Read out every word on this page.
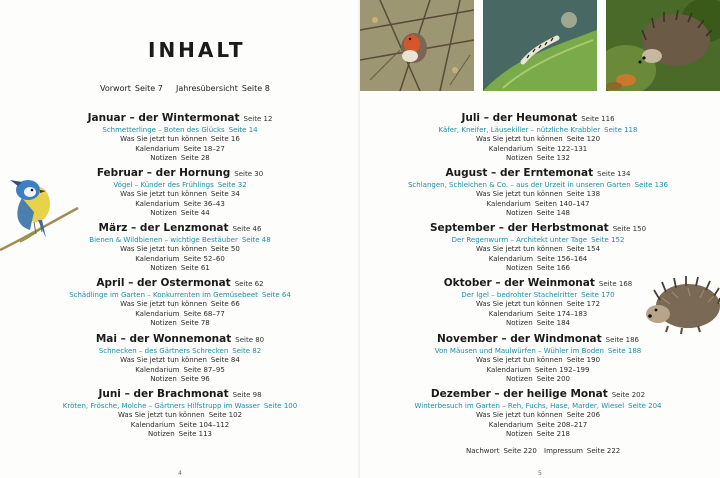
INHALT
Vorwort Seite 7 Jahresübersicht Seite 8
Januar – der Wintermonat Seite 12
Schmetterlinge – Boten des Glücks Seite 14
Was Sie jetzt tun können Seite 16
Kalendarium Seite 18–27
Notizen Seite 28
Februar – der Hornung Seite 30
Vögel – Künder des Frühlings Seite 32
Was Sie jetzt tun können Seite 34
Kalendarium Seite 36–43
Notizen Seite 44
März – der Lenzmonat Seite 46
Bienen & Wildbienen – wichtige Bestäuber Seite 48
Was Sie jetzt tun können Seite 50
Kalendarium Seite 52–60
Notizen Seite 61
April – der Ostermonat Seite 62
Schädlinge im Garten – Konkurrenten im Gemüsebeet Seite 64
Was Sie jetzt tun können Seite 66
Kalendarium Seite 68–77
Notizen Seite 78
Mai – der Wonnemonat Seite 80
Schnecken – des Gärtners Schrecken Seite 82
Was Sie jetzt tun können Seite 84
Kalendarium Seite 87–95
Notizen Seite 96
Juni – der Brachmonat Seite 98
Kröten, Frösche, Molche – Gärtners Hilfstrupp im Wasser Seite 100
Was Sie jetzt tun können Seite 102
Kalendarium Seite 104–112
Notizen Seite 113
4
Juli – der Heumonat Seite 116
Käfer, Kneifer, Läusekiller – nützliche Krabbler Seite 118
Was Sie jetzt tun können Seite 120
Kalendarium Seite 122–131
Notizen Seite 132
August – der Erntemonat Seite 134
Schlangen, Schleichen & Co. – aus der Urzeit in unseren Garten Seite 136
Was Sie jetzt tun können Seite 138
Kalendarium Seiten 140–147
Notizen Seite 148
September – der Herbstmonat Seite 150
Der Regenwurm – Architekt unter Tage Seite 152
Was Sie jetzt tun können Seite 154
Kalendarium Seite 156–164
Notizen Seite 166
Oktober – der Weinmonat Seite 168
Der Igel – bedrohter Stachelritter Seite 170
Was Sie jetzt tun können Seite 172
Kalendarium Seite 174–183
Notizen Seite 184
November – der Windmonat Seite 186
Von Mäusen und Maulwürfen – Wühler im Boden Seite 188
Was Sie jetzt tun können Seite 190
Kalendarium Seiten 192–199
Notizen Seite 200
Dezember – der heilige Monat Seite 202
Winterbesuch im Garten – Reh, Fuchs, Hase, Marder, Wiesel Seite 204
Was Sie jetzt tun können Seite 206
Kalendarium Seite 208–217
Notizen Seite 218
Nachwort Seite 220 Impressum Seite 222
5
